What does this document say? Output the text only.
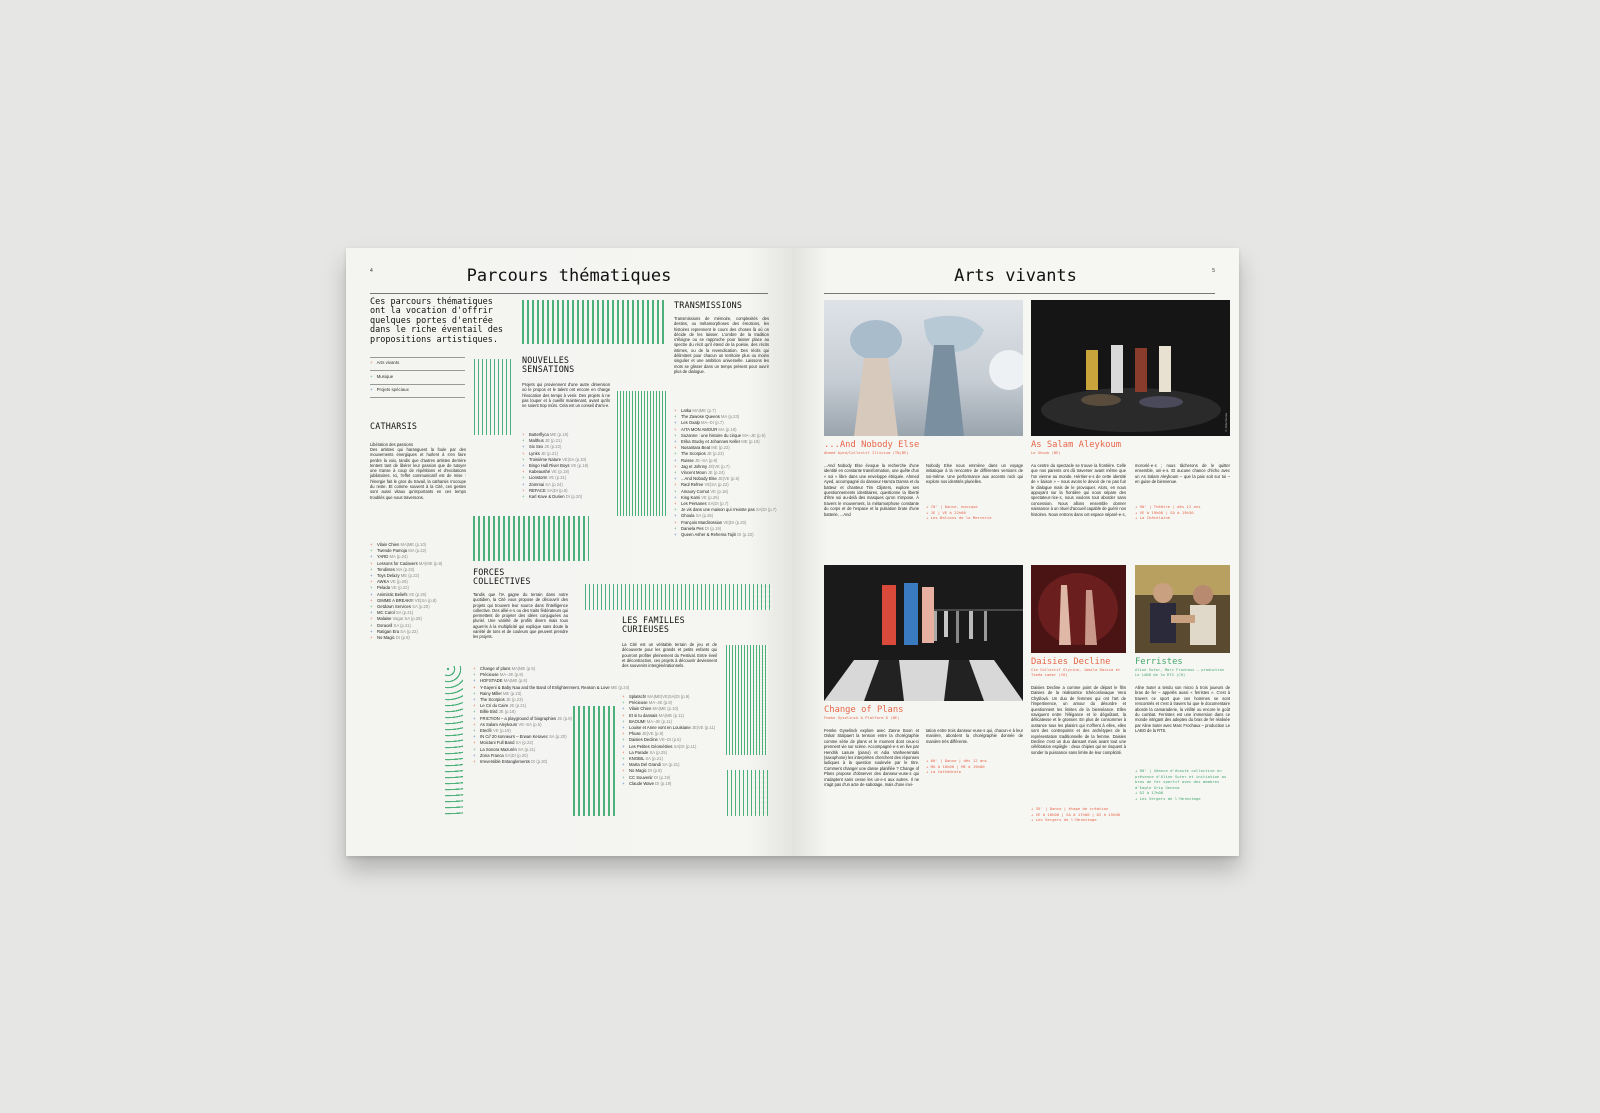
4	Parcours thématiques
Ces parcours thématiques ont la vocation d'offrir quelques portes d'entrée dans le riche éventail des propositions artistiques.
+ Arts vivants
+ Musique
+ Projets spéciaux
CATHARSIS
Libération des passions
Des artistes qui haranguent la foule par des mouvements énergiques et hurlent à s'en faire perdre la voix, tandis que d'autres artistes derrière tentent tant de libérer leur passion que de tutoyer une transe à coup de répétitions et d'excitations jubilatoires. Ici, l'effet communicatif est de mise : l'énergie fait le gros du travail, la catharsis s'occupe du reste. Et comme souvent à la Cité, ces gestes sont aussi vitaux qu'importants en ces temps troublés que nous traversons.
+ Vilain Chien MA|ME (p.10)
+ Twende Pamoja MA (p.22)
+ YARD MA (p.24)
+ Lessons for Cadavers MA|ME (p.8)
+ Tendintes MA (p.23)
+ Toys Delazy ME (p.22)
+ AWKA VE (p.26)
+ Pelada VE (p.22)
+ Animistic Beliefs VE (p.26)
+ GIMME A BREAK!!! VE|SA (p.8)
+ Getdown Services SA (p.20)
+ MC Carol SA (p.21)
+ Malaise VagaI SA (p.28)
+ Doracell SA (p.21)
+ Ratigan Era SA (p.22)
+ No Magic DI (p.8)
NOUVELLES SENSATIONS
Projets qui proviennent d'une autre dimension où le propos et le talent ont encore en charge l'évocation des temps à venir. Des projets à ne pas louper et à cueillir maintenant, avant qu'ils ne soient trop mûrs. Cela est un conseil d'ami·e.
+ Butterflyca ME (p.18)
+ Malthus JE (p.21)
+ Six Sex JE (p.22)
+ Lynks JE (p.21)
+ Troisième Nature VE|SA (p.10)
+ Bingo Hall River Boys VE (p.18)
+ Kabeaushé VE (p.18)
+ Lionstorm VE (p.21)
+ Zommai SA (p.24)
+ REFACE SA|DI (p.8)
+ Karl Kave & Durien DI (p.20)
TRANSMISSIONS
Transmissions de mémoire, complexités des destins, ou métamorphoses des émotions, les histoires reprennent le cours des choses là où on décide de les laisser. L'ombre de la tradition s'éloigne ou se rapproche pour laisser place au spectre du récit qu'il étend de la poésie, des récits intimes, ou de la revendication. Des récits qui délimitent pour chacun un territoire plus ou moins singulier et une ambition universelle. Laissons les mots se glisser dans un temps présent pour ouvrir plus de dialogue.
+ Laïka MA|ME (p.7)
+ The Zawose Queens MA (p.23)
+ Les Oxalp MA–DI (p.7)
+ AITA MON AMOUR MA (p.18)
+ Suzanne : une histoire du cirque MA–JE (p.9)
+ Erika Stucky et Johannes Keller ME (p.19)
+ Nusantara Beat ME (p.22)
+ The Scorpios JE (p.23)
+ Ruisse JE–SA (p.9)
+ Jag et Johnny JE|VE (p.7)
+ Vincent Moon JE (p.24)
+ ...And Nobody Else JE|VE (p.5)
+ Raül Refree VE|SA (p.22)
+ Amaury Cornut VE (p.18)
+ King Kami VE (p.26)
+ Les Persanes SA|DI (p.7)
+ Je vis dans une maison qui n'existe pas SA|DI (p.7)
+ Ghoula SA (p.26)
+ François Mardirossian VE|DI (p.20)
+ Daniela Pes DI (p.19)
+ Queen Asher & Rehema Tajiri DI (p.22)
FORCES COLLECTIVES
Tandis que l'IA gagne du terrain dans notre quotidien, la Cité vous propose de découvrir des projets qui trouvent leur source dans l'intelligence collective. Des allié·e·s ou des traits fédérateurs qui permettent de projeter des idées conjuguées au pluriel. Une variété de profils divers mais tous aguerris à la multiplicité qui explique sans doute la variété de tons et de couleurs que peuvent prendre les projets.
+ Change of plans MA|ME (p.5)
+ Précieuse MA–JE (p.8)
+ HOFSTADE MA|ME (p.8)
+ Y-Sayeni & Baby Naa and the Band of Enlightenment, Reason & Love ME (p.24)
+ Rainy Miller ME (p.23)
+ The Scorpios JE (p.23)
+ Le Cri du Caire JE (p.21)
+ Billie Bird JE (p.18)
+ FRICTION – a playground of biographies JE (p.8)
+ As Salam Aleykoum VE–SA (p.5)
+ Etecfé VE (p.19)
+ IN C// 20 sonneurs – Erwan Keravec SA (p.20)
+ Moictani Full Band SA (p.22)
+ La Sonora Mazurén SA (p.21)
+ Zona Franca SA|DI (p.20)
+ Irreversible Entanglements DI (p.20)
LES FAMILLES CURIEUSES
La Cité est un véritable terrain de jeu et de découverte pour les grands et petits enfants qui pourront profiter pleinement du Festival. Entre éveil et décontraction, ces projets à découvrir deviennent des souvenirs intergénérationnels.
+ Splatsch! MA|ME|VE|SA|DI (p.9)
+ Précieuse MA–JE (p.8)
+ Vilain Chien MA|ME (p.10)
+ Et si tu dansais MA|ME (p.11)
+ BAOUM! MA–JE (p.11)
+ Louise et Anne vont en Louisiane JE|VE (p.11)
+ Phuse JE|VE (p.9)
+ Daisies Decline VE–DI (p.5)
+ Les Petites Géométries SA|DI (p.11)
+ La Parade SA (p.25)
+ KNOBIL SA (p.21)
+ Marta Del Grandi SA (p.21)
+ No Magic DI (p.8)
+ CC Souvenir DI (p.19)
+ Claude Wave DI (p.19)
5
Arts vivants
...And Nobody Else
Ahmed Ayed/Collectif Illicium (TN|BE)
...And Nobody Else évoque la recherche d'une identité en constante transformation, une quête d'un « soi » libre dans une enveloppe étriquée. Ahmed Ayed, accompagné du danseur Hamza Damra et du batteur et chanteur Tim Clijsters, explore ses questionnements identitaires, questionne la liberté d'être soi au-delà des masques qu'on s'impose. À travers le mouvement, la métamorphose constante du corps et de l'espace et la pulsation brute d'une batterie, ...And
Nobody Else nous emmène dans un voyage initiatique à la rencontre de différentes versions de soi-même. Une performance aux accents rock qui explore nos identités plurielles.
+ 70' | Danse, musique
+ JE | VE à 22h00
+ Les Balcons de la Mercerie
©Alda Sousa
As Salam Aleykoum
Le Shouk (BE)
Au centre du spectacle se trouve la frontière. Celle que nos parents ont dû traverser avant même que l'on vienne au monde. Héritier·e·s de cette identité de « liaison » – nous avons le devoir de ne pas fuir le dialogue mais de le provoquer. Alors, en nous appuyant sur la frontière qui nous sépare des spectateur·rice·s, nous voulons tout aborder sans concession. Nous allons ensemble donner naissance à un rituel d'accueil capable de guérir nos histoires. Nous entrons dans cet espace séparé·e·s,
morcelé·e·s ; nous tâcherons de le quitter ensemble, uni·e·s. Et aucune chance d'écho avec un As Salam Aleykoum – que la paix soit sur toi – en guise de bienvenue.
+ 90' | Théâtre | dès 12 ans
+ VE à 19h00 | SA à 19h30
+ La Châtelaine
Change of Plans
Femke Gyselinck & Platform K (BE)
Femke Gyselinck explore avec Zanne Boon et Oskar Stalpaert la tension entre la chorégraphie comme série de plans et le moment dont ceux-ci prennent vie sur scène. Accompagné·e·s en live par Hendrik Lasure (piano) et Adia Vanheerentals (saxophone) les interprètes cherchent des réponses ludiques à la question soulevée par le titre. Comment changer une danse planifiée ? Change of Plans propose d'observer des danseur·euse·s qui s'adaptent sans cesse les un·e·s aux autres. Il ne s'agit pas d'un acte de sabotage, mais d'une invi-
tation entre trois danseur·euse·s qui, chacun·e à leur manière, abordent la chorégraphie donnée de manière très différente.
+ 60' | Danse | dès 12 ans
+ MA à 18h00 | ME à 19h00
+ La Cathédrale
Daisies Decline
Cie Collectif Glycine, Jamila Daisia et Timéa Lador (CH)
Daisies Decline a comme point de départ le film Daisies de la réalisatrice tchécoslovaque Vera Chytilová. Un duo de femmes qui ont l'art de l'impertinence, un amour du désordre et questionnent les limites de la bienséance. Elles naviguent entre l'élégance et le dégoûtant, la délicatesse et le grossier. En plus de consommer à outrance tous les plaisirs qui s'offrent à elles, elles sont des contrepoints et des archétypes de la représentation traditionnelle de la femme. Daisies Decline c'est un duo dansant mais avant tout une célébration espiègle : deux chipies qui se risquent à sonder la puissance sans limite de leur complicité.
+ 35' | Danse | étape de création
+ VE à 18h00 | SA à 17h00 | DI à 15h00
+ Les Vergers de l'Hermitage
Ferristes
Aline Suter, Marc Frochaux – production Le LABO de la RTS (CH)
Aline Suter a tendu son micro à trois joueurs de bras de fer – appelés aussi « ferristes ». C'est à travers ce sport que ces hommes se sont rencontrés et c'est à travers lui que le documentaire aborde la camaraderie, la virilité ou encore le goût du combat. Ferristes est une immersion dans ce monde intrigant des adeptes du bras de fer réalisée par Aline Suter avec Marc Frochaux – production Le LABO de la RTS.
+ 90' | Séance d'écoute collective en présence d'Aline Suter et initiation au bras de fer sportif avec des membres d'Eagle Grip Geneva
+ DI à 17h00
+ Les Vergers de l'Hermitage
